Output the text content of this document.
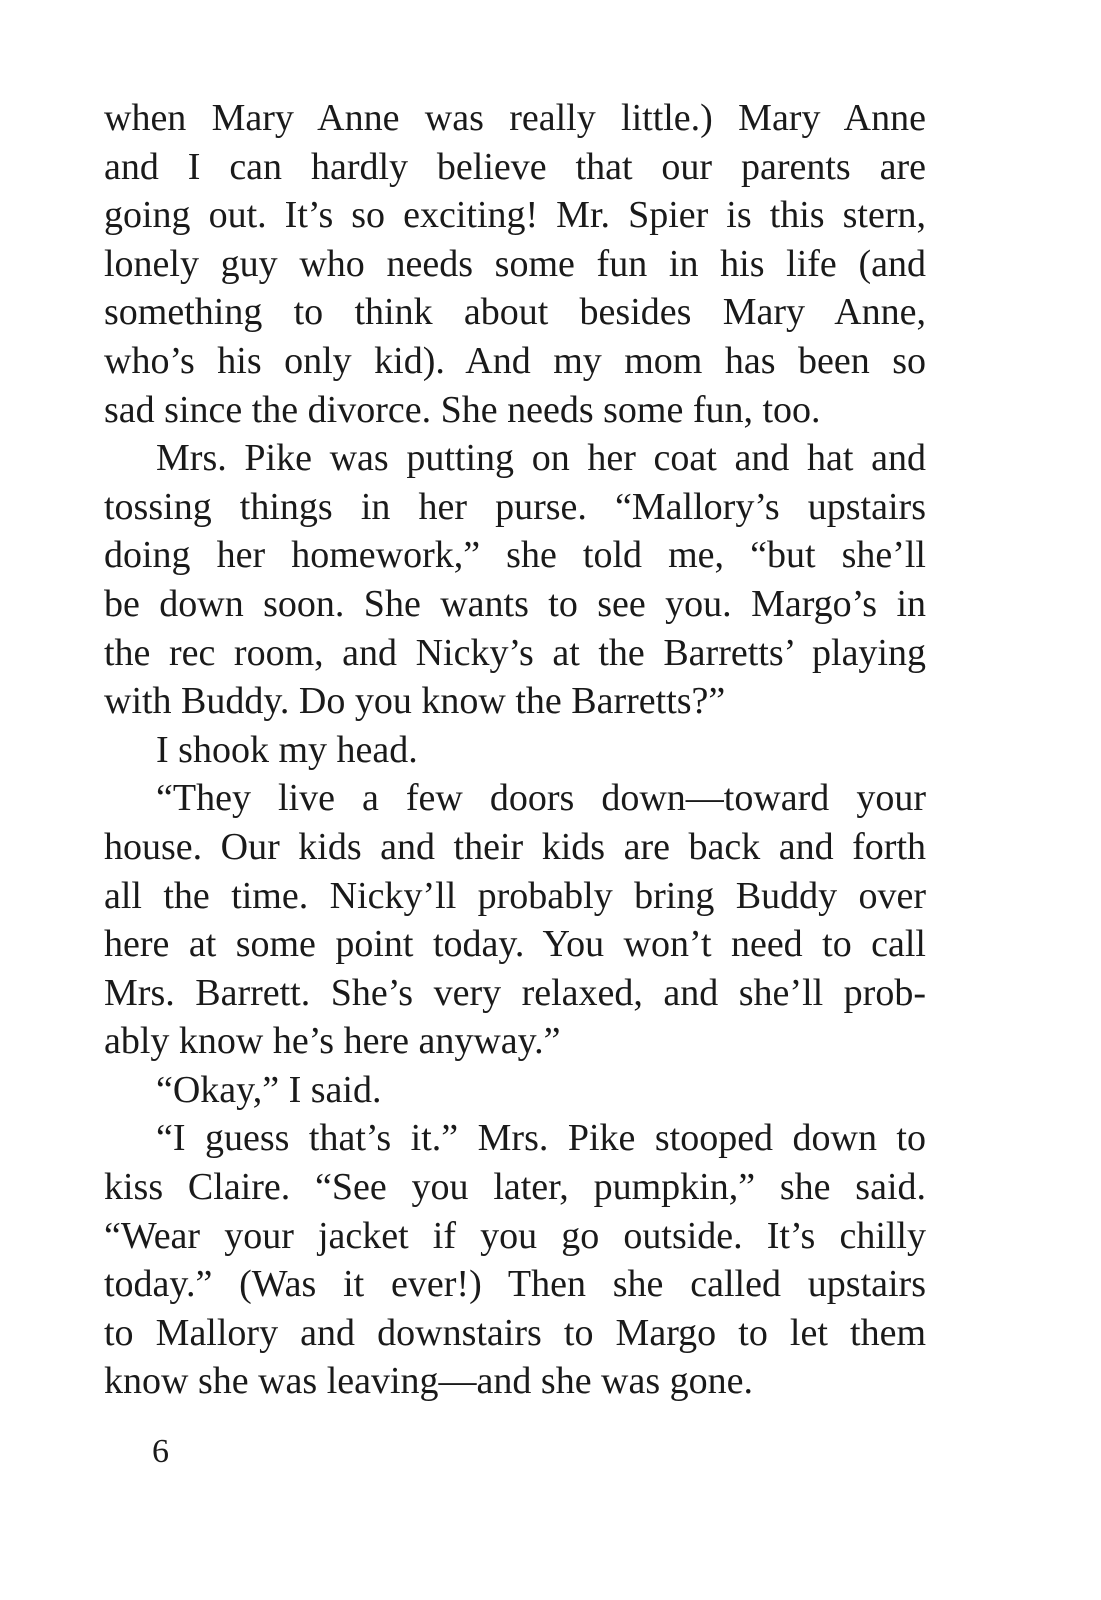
when Mary Anne was really little.) Mary Anne
and I can hardly believe that our parents are
going out. It’s so exciting! Mr. Spier is this stern,
lonely guy who needs some fun in his life (and
something to think about besides Mary Anne,
who’s his only kid). And my mom has been so
sad since the divorce. She needs some fun, too.
Mrs. Pike was putting on her coat and hat and
tossing things in her purse. “Mallory’s upstairs
doing her homework,” she told me, “but she’ll
be down soon. She wants to see you. Margo’s in
the rec room, and Nicky’s at the Barretts’ playing
with Buddy. Do you know the Barretts?”
I shook my head.
“They live a few doors down—toward your
house. Our kids and their kids are back and forth
all the time. Nicky’ll probably bring Buddy over
here at some point today. You won’t need to call
Mrs. Barrett. She’s very relaxed, and she’ll prob-
ably know he’s here anyway.”
“Okay,” I said.
“I guess that’s it.” Mrs. Pike stooped down to
kiss Claire. “See you later, pumpkin,” she said.
“Wear your jacket if you go outside. It’s chilly
today.” (Was it ever!) Then she called upstairs
to Mallory and downstairs to Margo to let them
know she was leaving—and she was gone.
6
